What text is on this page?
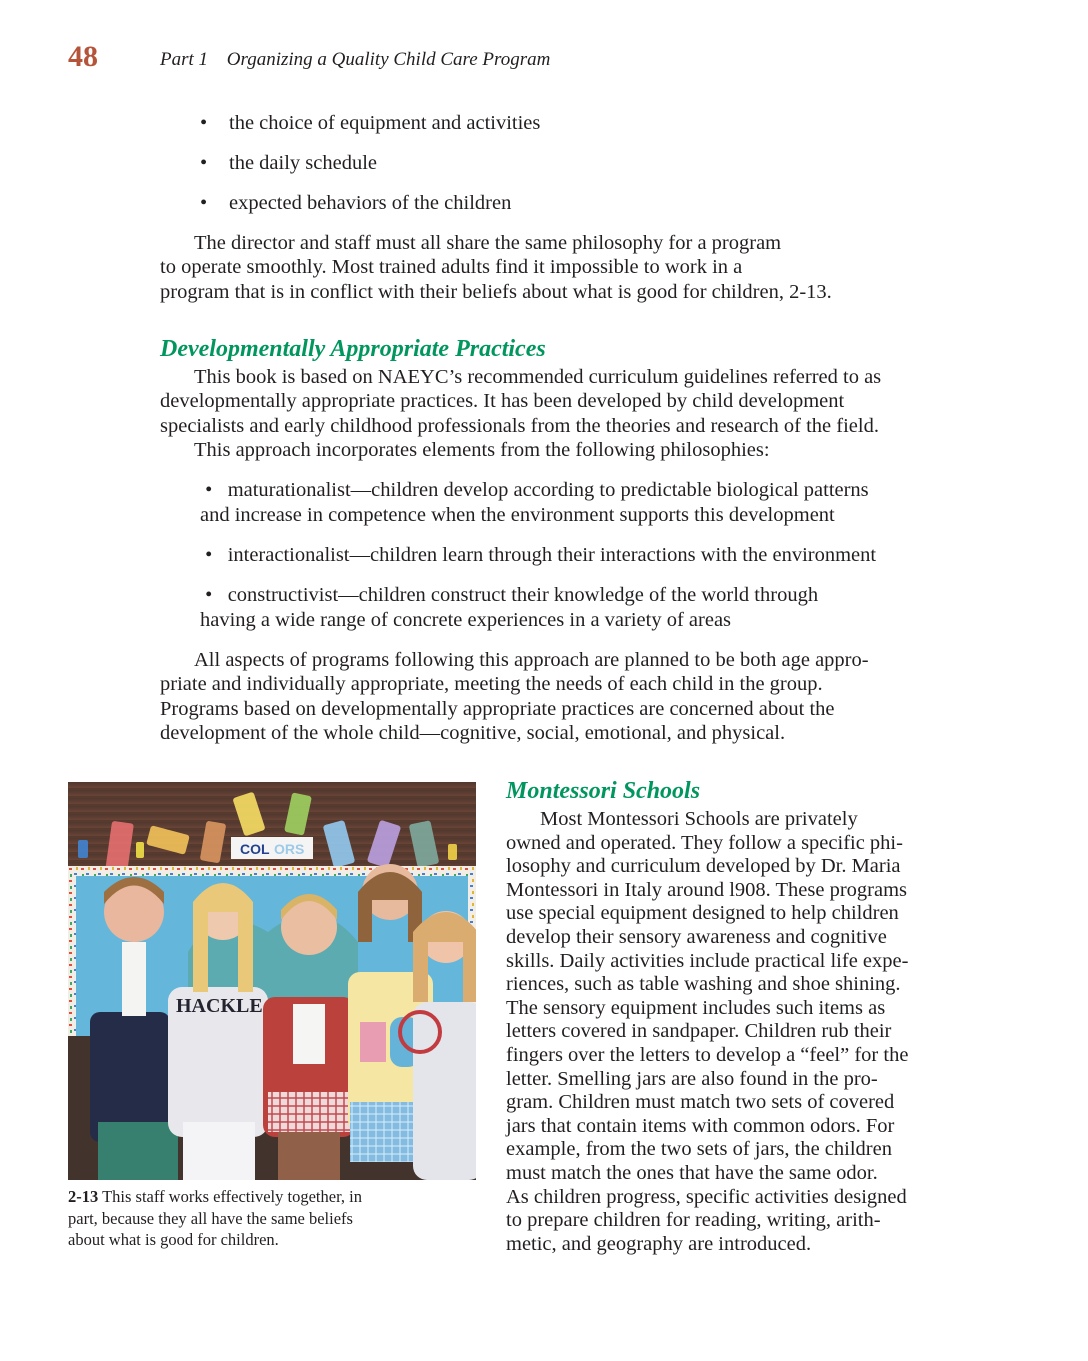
48	Part 1 Organizing a Quality Child Care Program
• the choice of equipment and activities
• the daily schedule
• expected behaviors of the children

The director and staff must all share the same philosophy for a program
to operate smoothly. Most trained adults find it impossible to work in a
program that is in conflict with their beliefs about what is good for children, 2-13.

Developmentally Appropriate Practices

This book is based on NAEYC’s recommended curriculum guidelines referred to as
developmentally appropriate practices. It has been developed by child development
specialists and early childhood professionals from the theories and research of the field.
This approach incorporates elements from the following philosophies:

•   maturationalist—children develop according to predictable biological patterns
and increase in competence when the environment supports this development
•   interactionalist—children learn through their interactions with the environment
•   constructivist—children construct their knowledge of the world through
having a wide range of concrete experiences in a variety of areas

All aspects of programs following this approach are planned to be both age appro-
priate and individually appropriate, meeting the needs of each child in the group.
Programs based on developmentally appropriate practices are concerned about the
development of the whole child—cognitive, social, emotional, and physical.

COL ORS
HACKLE
2-13 This staff works effectively together, in
part, because they all have the same beliefs
about what is good for children.
Montessori Schools

Most Montessori Schools are privately
owned and operated. They follow a specific phi-
losophy and curriculum developed by Dr. Maria
Montessori in Italy around l908. These programs
use special equipment designed to help children
develop their sensory awareness and cognitive
skills. Daily activities include practical life expe-
riences, such as table washing and shoe shining.
The sensory equipment includes such items as
letters covered in sandpaper. Children rub their
fingers over the letters to develop a “feel” for the
letter. Smelling jars are also found in the pro-
gram. Children must match two sets of covered
jars that contain items with common odors. For
example, from the two sets of jars, the children
must match the ones that have the same odor.
As children progress, specific activities designed
to prepare children for reading, writing, arith-
metic, and geography are introduced.
